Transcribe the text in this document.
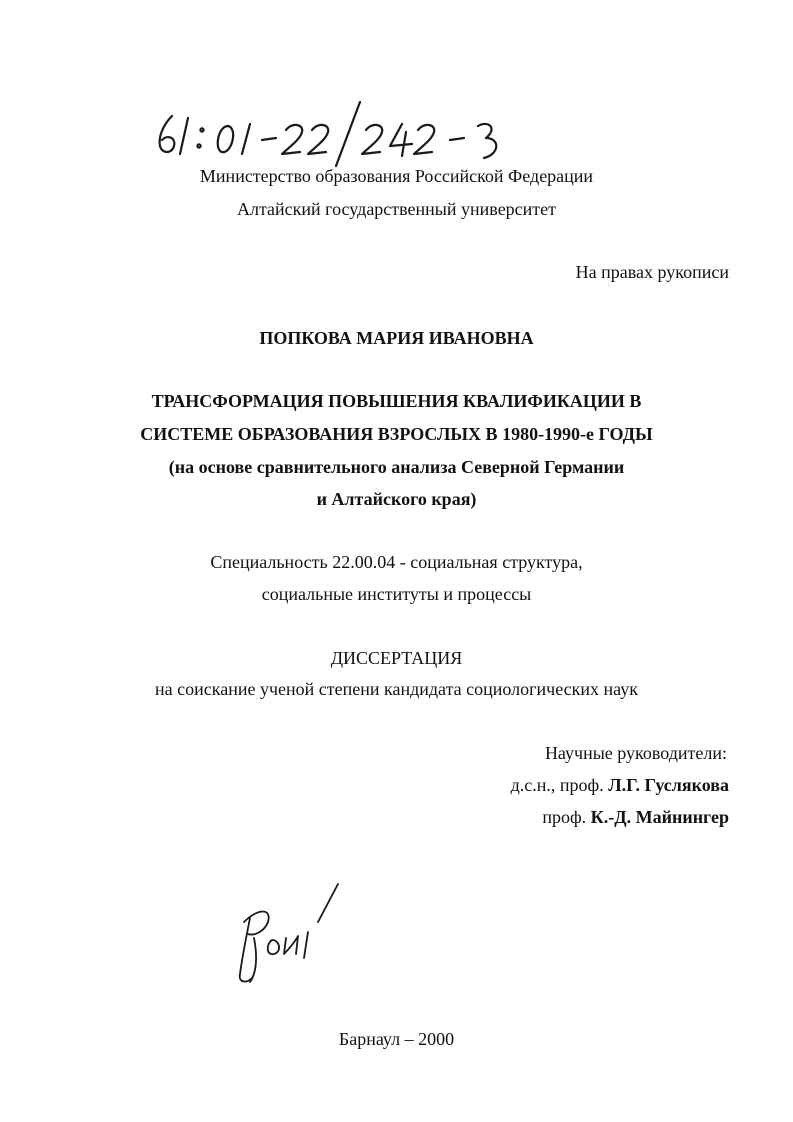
61:01-22/242-3	Министерство образования Российской Федерации
Алтайский государственный университет
На правах рукописи
ПОПКОВА МАРИЯ ИВАНОВНА
ТРАНСФОРМАЦИЯ ПОВЫШЕНИЯ КВАЛИФИКАЦИИ В
СИСТЕМЕ ОБРАЗОВАНИЯ ВЗРОСЛЫХ В 1980-1990-е ГОДЫ
(на основе сравнительного анализа Северной Германии
и Алтайского края)
Специальность 22.00.04 - социальная структура,
социальные институты и процессы
ДИССЕРТАЦИЯ
на соискание ученой степени кандидата социологических наук
Научные руководители:
д.с.н., проф. Л.Г. Гуслякова
проф. К.-Д. Майнингер
Барнаул – 2000
